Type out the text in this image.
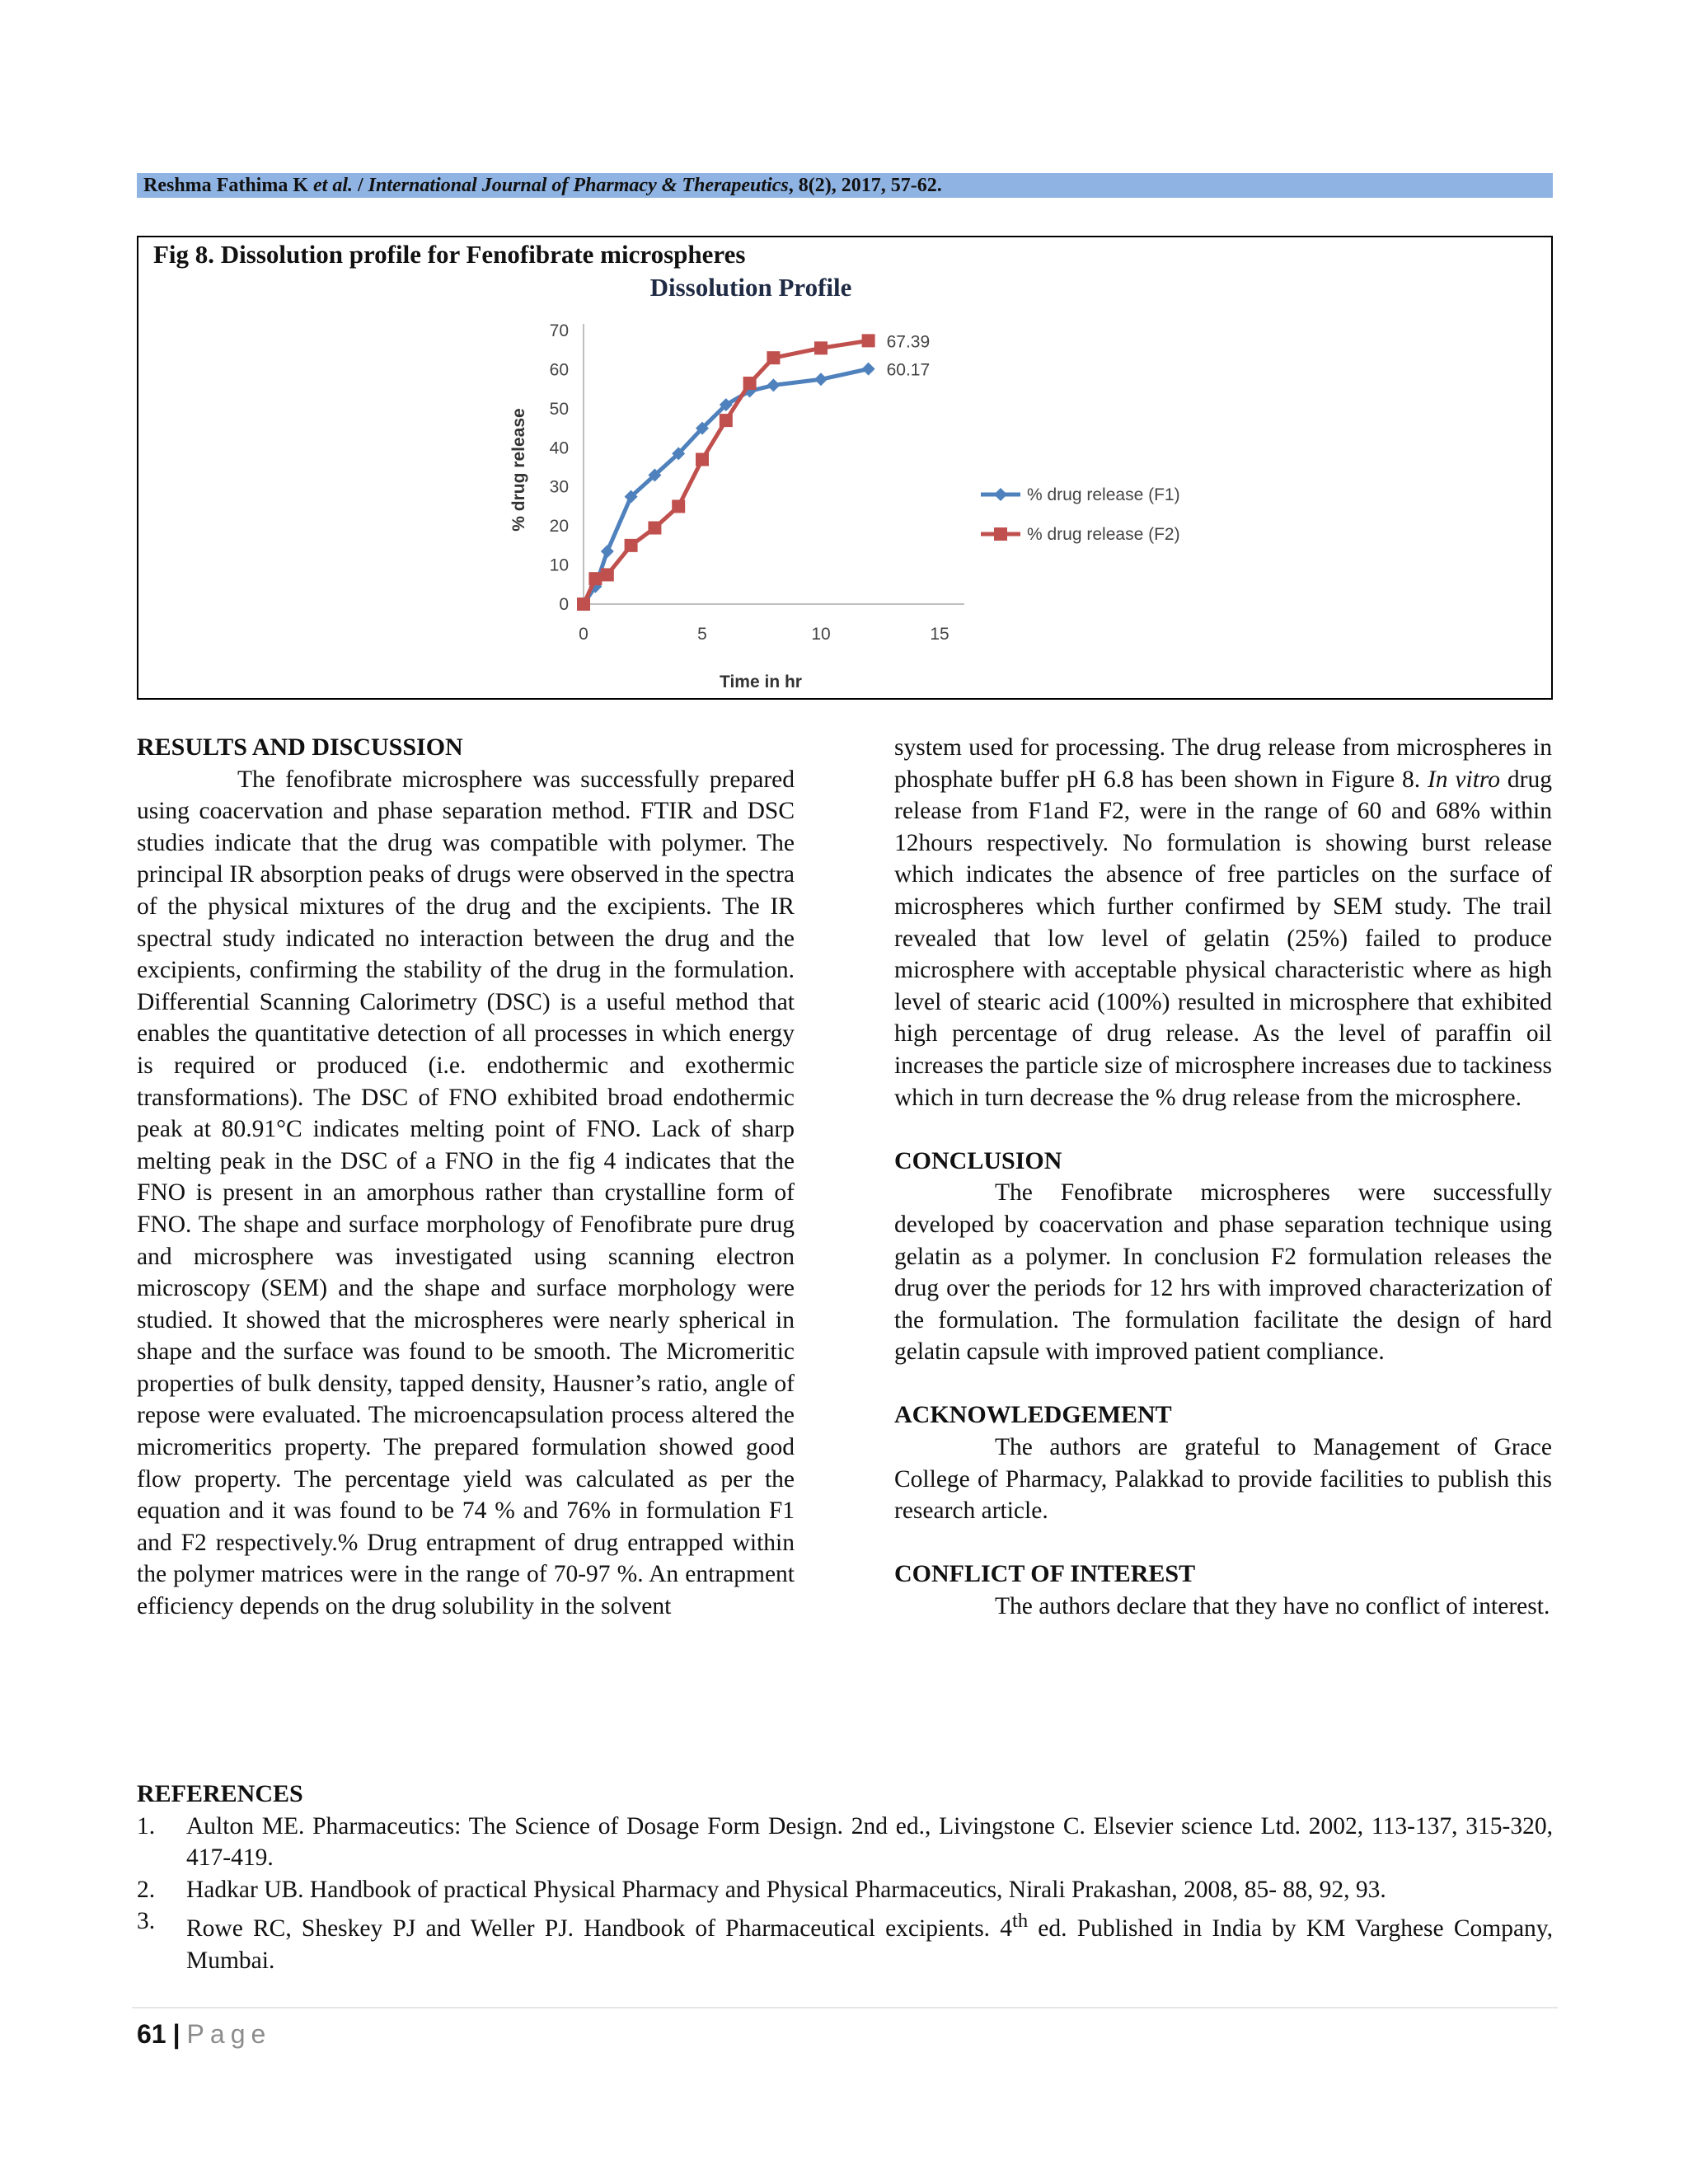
Reshma Fathima K et al. / International Journal of Pharmacy & Therapeutics, 8(2), 2017, 57-62.
Fig 8. Dissolution profile for Fenofibrate microspheres
Dissolution Profile
0
10
20
30
40
50
60
70
0	5	10	15
Time in hr
% drug release
60.17
% drug release (F1)
67.39
% drug release (F2)

RESULTS AND DISCUSSION

The fenofibrate microsphere was successfully prepared using coacervation and phase separation method. FTIR and DSC studies indicate that the drug was compatible with polymer. The principal IR absorption peaks of drugs were observed in the spectra of the physical mixtures of the drug and the excipients. The IR spectral study indicated no interaction between the drug and the excipients, confirming the stability of the drug in the formulation. Differential Scanning Calorimetry (DSC) is a useful method that enables the quantitative detection of all processes in which energy is required or produced (i.e. endothermic and exothermic transformations). The DSC of FNO exhibited broad endothermic peak at 80.91°C indicates melting point of FNO. Lack of sharp melting peak in the DSC of a FNO in the fig 4 indicates that the FNO is present in an amorphous rather than crystalline form of FNO. The shape and surface morphology of Fenofibrate pure drug and microsphere was investigated using scanning electron microscopy (SEM) and the shape and surface morphology were studied. It showed that the microspheres were nearly spherical in shape and the surface was found to be smooth. The Micromeritic properties of bulk density, tapped density, Hausner’s ratio, angle of repose were evaluated. The microencapsulation process altered the micromeritics property. The prepared formulation showed good flow property. The percentage yield was calculated as per the equation and it was found to be 74 % and 76% in formulation F1 and F2 respectively.% Drug entrapment of drug entrapped within the polymer matrices were in the range of 70-97 %. An entrapment efficiency depends on the drug solubility in the solvent

system used for processing. The drug release from microspheres in phosphate buffer pH 6.8 has been shown in Figure 8. In vitro drug release from F1and F2, were in the range of 60 and 68% within 12hours respectively. No formulation is showing burst release which indicates the absence of free particles on the surface of microspheres which further confirmed by SEM study. The trail revealed that low level of gelatin (25%) failed to produce microsphere with acceptable physical characteristic where as high level of stearic acid (100%) resulted in microsphere that exhibited high percentage of drug release. As the level of paraffin oil increases the particle size of microsphere increases due to tackiness which in turn decrease the % drug release from the microsphere.

CONCLUSION

The Fenofibrate microspheres were successfully developed by coacervation and phase separation technique using gelatin as a polymer. In conclusion F2 formulation releases the drug over the periods for 12 hrs with improved characterization of the formulation. The formulation facilitate the design of hard gelatin capsule with improved patient compliance.

ACKNOWLEDGEMENT

The authors are grateful to Management of Grace College of Pharmacy, Palakkad to provide facilities to publish this research article.

CONFLICT OF INTEREST

The authors declare that they have no conflict of interest.

REFERENCES

1. Aulton ME. Pharmaceutics: The Science of Dosage Form Design. 2nd ed., Livingstone C. Elsevier science Ltd. 2002, 113-137, 315-320, 417-419.
2. Hadkar UB. Handbook of practical Physical Pharmacy and Physical Pharmaceutics, Nirali Prakashan, 2008, 85- 88, 92, 93.
3. Rowe RC, Sheskey PJ and Weller PJ. Handbook of Pharmaceutical excipients. 4th ed. Published in India by KM Varghese Company, Mumbai.
61 | Page
